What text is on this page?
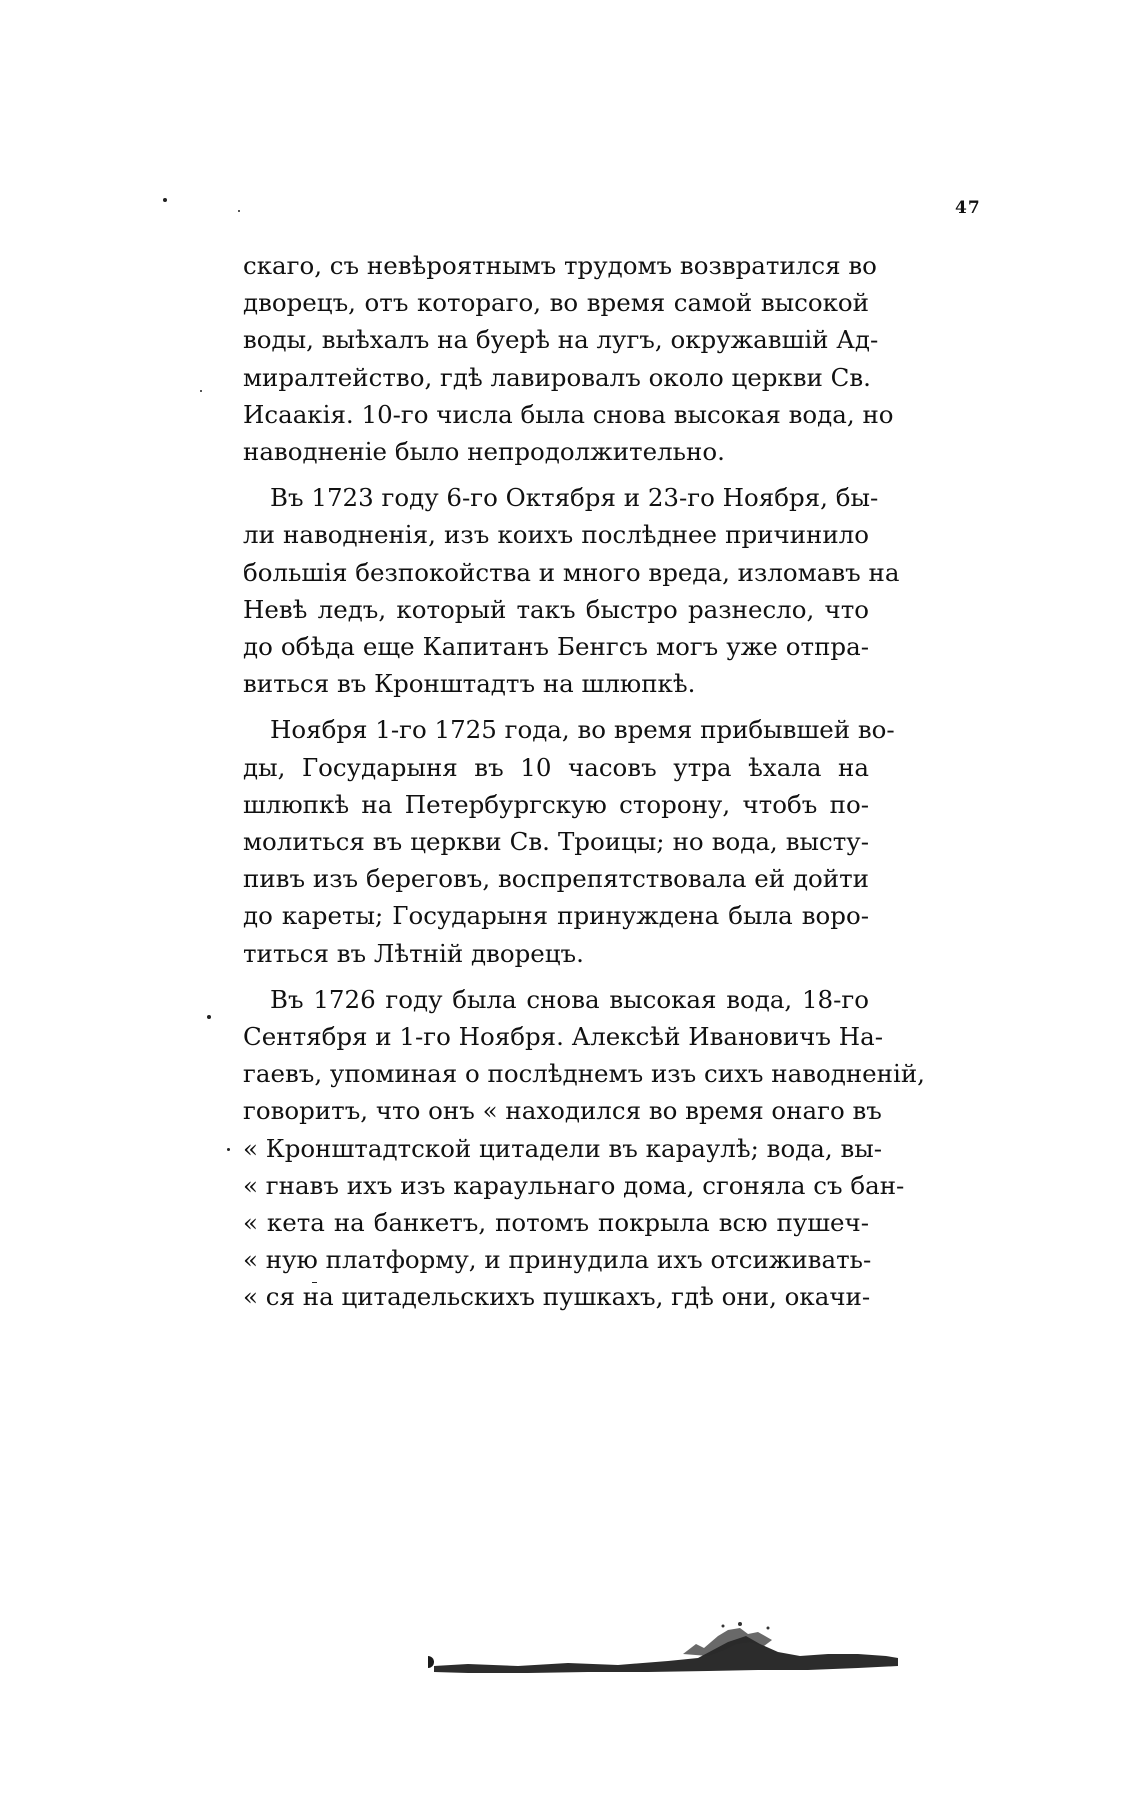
47
скаго, съ невѣроятнымъ трудомъ возвратился во
дворецъ, отъ котораго, во время самой высокой
воды, выѣхалъ на буерѣ на лугъ, окружавшій Ад-
миралтейство, гдѣ лавировалъ около церкви Св.
Исаакія. 10-го числа была снова высокая вода, но
наводненіе было непродолжительно.
Въ 1723 году 6-го Октября и 23-го Ноября, бы-
ли наводненія, изъ коихъ послѣднее причинило
большія безпокойства и много вреда, изломавъ на
Невѣ ледъ, который такъ быстро разнесло, что
до обѣда еще Капитанъ Бенгсъ могъ уже отпра-
виться въ Кронштадтъ на шлюпкѣ.
Ноября 1-го 1725 года, во время прибывшей во-
ды, Государыня въ 10 часовъ утра ѣхала на
шлюпкѣ на Петербургскую сторону, чтобъ по-
молиться въ церкви Св. Троицы; но вода, высту-
пивъ изъ береговъ, воспрепятствовала ей дойти
до кареты; Государыня принуждена была воро-
титься въ Лѣтній дворецъ.
Въ 1726 году была снова высокая вода, 18-го
Сентября и 1-го Ноября. Алексѣй Ивановичъ На-
гаевъ, упоминая о послѣднемъ изъ сихъ наводненій,
говоритъ, что онъ « находился во время онаго въ
« Кронштадтской цитадели въ караулѣ; вода, вы-
« гнавъ ихъ изъ караульнаго дома, сгоняла съ бан-
« кета на банкетъ, потомъ покрыла всю пушеч-
« ную платформу, и принудила ихъ отсиживать-
« ся на цитадельскихъ пушкахъ, гдѣ они, окачи-
